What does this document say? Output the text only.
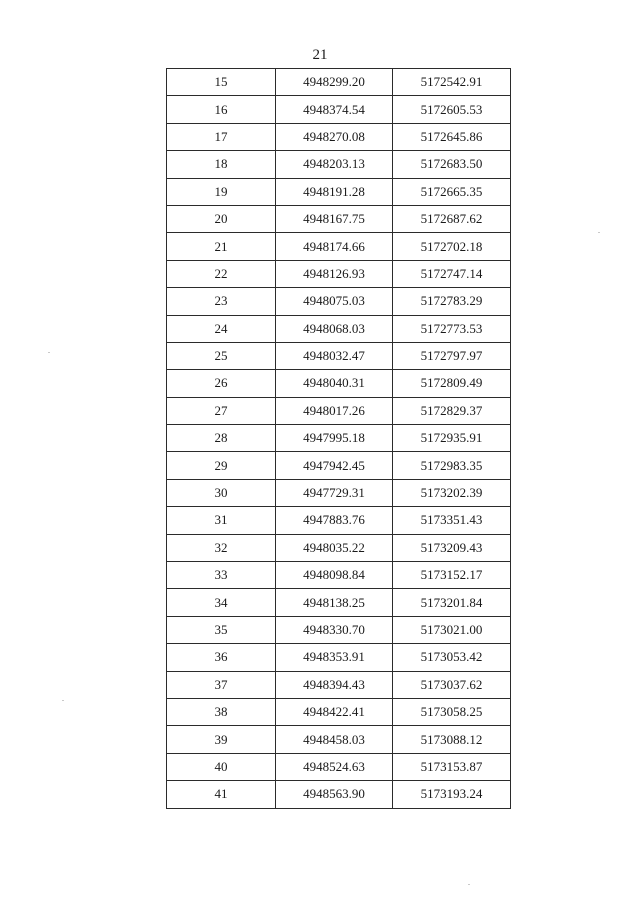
21
15	4948299.20	5172542.91
16	4948374.54	5172605.53
17	4948270.08	5172645.86
18	4948203.13	5172683.50
19	4948191.28	5172665.35
20	4948167.75	5172687.62
21	4948174.66	5172702.18
22	4948126.93	5172747.14
23	4948075.03	5172783.29
24	4948068.03	5172773.53
25	4948032.47	5172797.97
26	4948040.31	5172809.49
27	4948017.26	5172829.37
28	4947995.18	5172935.91
29	4947942.45	5172983.35
30	4947729.31	5173202.39
31	4947883.76	5173351.43
32	4948035.22	5173209.43
33	4948098.84	5173152.17
34	4948138.25	5173201.84
35	4948330.70	5173021.00
36	4948353.91	5173053.42
37	4948394.43	5173037.62
38	4948422.41	5173058.25
39	4948458.03	5173088.12
40	4948524.63	5173153.87
41	4948563.90	5173193.24
